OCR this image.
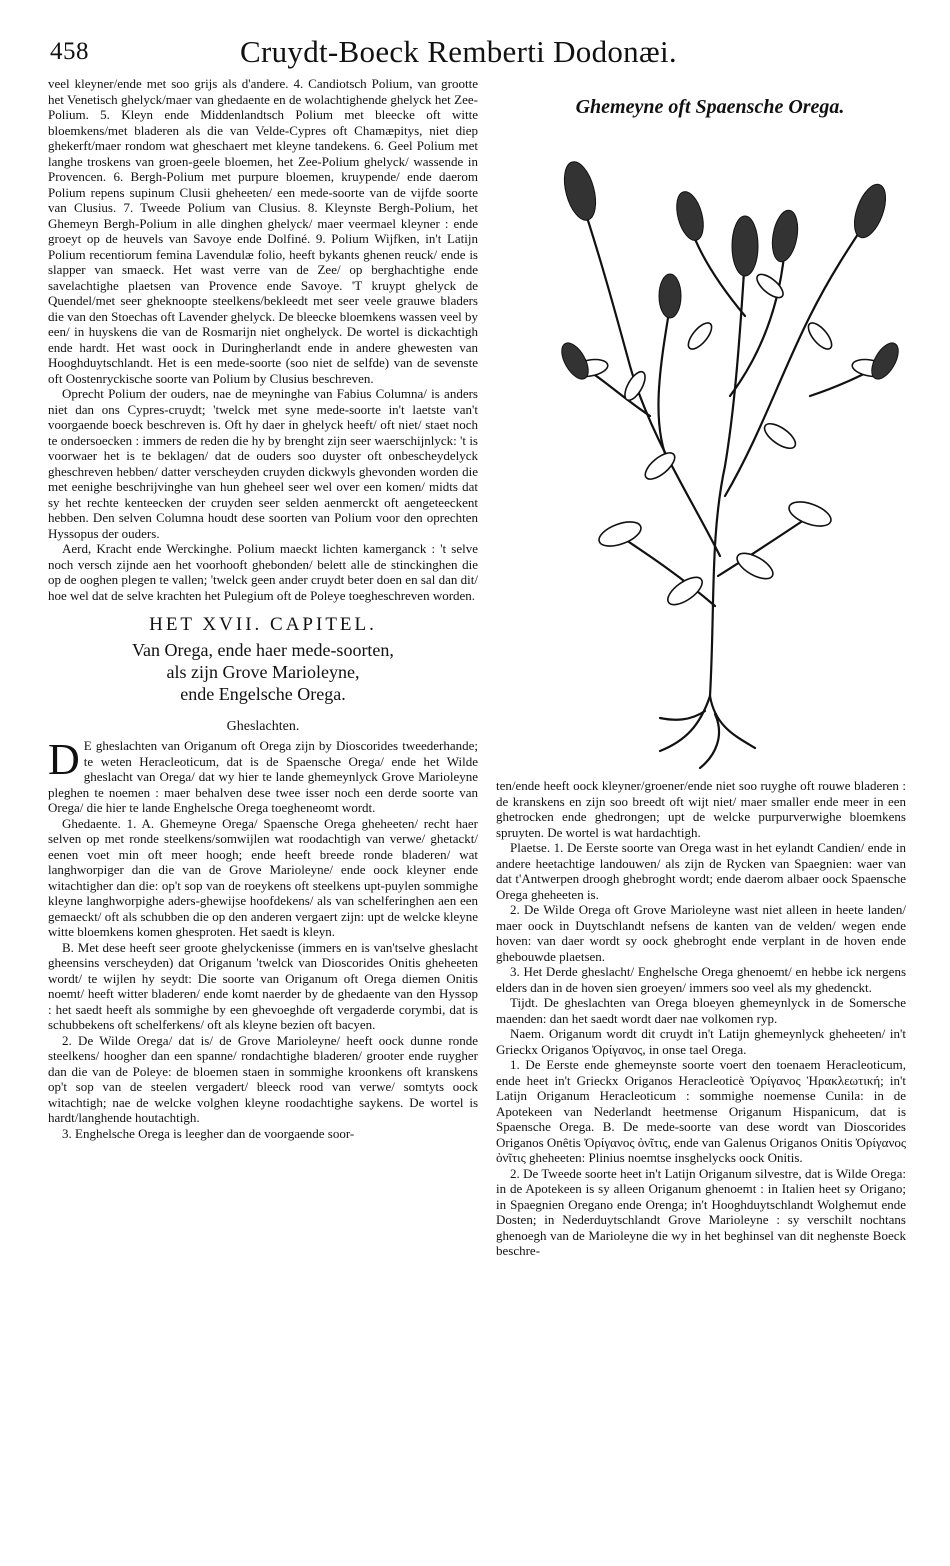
458	Cruydt-Boeck Remberti Dodonæi.

veel kleyner/ende met soo grijs als d'andere. 4. Candiotsch Polium, van grootte het Venetisch ghelyck/maer van ghedaente en de wolachtighende ghelyck het Zee-Polium. 5. Kleyn ende Middenlandtsch Polium met bleecke oft witte bloemkens/met bladeren als die van Velde-Cypres oft Chamæpitys, niet diep ghekerft/maer rondom wat gheschaert met kleyne tandekens. 6. Geel Polium met langhe troskens van groen-geele bloemen, het Zee-Polium ghelyck/ wassende in Provencen. 6. Bergh-Polium met purpure bloemen, kruypende/ ende daerom Polium repens supinum Clusii gheheeten/ een mede-soorte van de vijfde soorte van Clusius. 7. Tweede Polium van Clusius. 8. Kleynste Bergh-Polium, het Ghemeyn Bergh-Polium in alle dinghen ghelyck/ maer veermael kleyner : ende groeyt op de heuvels van Savoye ende Dolfiné. 9. Polium Wijfken, in't Latijn Polium recentiorum femina Lavendulæ folio, heeft bykants ghenen reuck/ ende is slapper van smaeck. Het wast verre van de Zee/ op berghachtighe ende savelachtighe plaetsen van Provence ende Savoye. 'T kruypt ghelyck de Quendel/met seer gheknoopte steelkens/bekleedt met seer veele grauwe bladers die van den Stoechas oft Lavender ghelyck. De bleecke bloemkens wassen veel by een/ in huyskens die van de Rosmarijn niet onghelyck. De wortel is dickachtigh ende hardt. Het wast oock in Duringherlandt ende in andere ghewesten van Hooghduytschlandt. Het is een mede-soorte (soo niet de selfde) van de sevenste oft Oostenryckische soorte van Polium by Clusius beschreven.

Oprecht Polium der ouders, nae de meyninghe van Fabius Columna/ is anders niet dan ons Cypres-cruydt; 'twelck met syne mede-soorte in't laetste van't voorgaende boeck beschreven is. Oft hy daer in ghelyck heeft/ oft niet/ staet noch te ondersoecken : immers de reden die hy by brenght zijn seer waerschijnlyck: 't is voorwaer het is te beklagen/ dat de ouders soo duyster oft onbescheydelyck gheschreven hebben/ datter verscheyden cruyden dickwyls ghevonden worden die met eenighe beschrijvinghe van hun gheheel seer wel over een komen/ midts dat sy het rechte kenteecken der cruyden seer selden aenmerckt oft aengeteeckent hebben. Den selven Columna houdt dese soorten van Polium voor den oprechten Hyssopus der ouders.

Aerd, Kracht ende Werckinghe. Polium maeckt lichten kamerganck : 't selve noch versch zijnde aen het voorhooft ghebonden/ belett alle de stinckinghen die op de ooghen plegen te vallen; 'twelck geen ander cruydt beter doen en sal dan dit/ hoe wel dat de selve krachten het Pulegium oft de Poleye toegheschreven worden.

HET XVII. CAPITEL.

Van Orega, ende haer mede-soorten,

als zijn Grove Marioleyne,

ende Engelsche Orega.

Gheslachten.

D E gheslachten van Origanum oft Orega zijn by Dioscorides tweederhande; te weten Heracleoticum, dat is de Spaensche Orega/ ende het Wilde gheslacht van Orega/ dat wy hier te lande ghemeynlyck Grove Marioleyne pleghen te noemen : maer behalven dese twee isser noch een derde soorte van Orega/ die hier te lande Enghelsche Orega toegheneomt wordt.

Ghedaente. 1. A. Ghemeyne Orega/ Spaensche Orega gheheeten/ recht haer selven op met ronde steelkens/somwijlen wat roodachtigh van verwe/ ghetackt/ eenen voet min oft meer hoogh; ende heeft breede ronde bladeren/ wat langhworpiger dan die van de Grove Marioleyne/ ende oock kleyner ende witachtigher dan die: op't sop van de roeykens oft steelkens upt-puylen sommighe kleyne langhworpighe aders-ghewijse hoofdekens/ als van schelferinghen aen een gemaeckt/ oft als schubben die op den anderen vergaert zijn: upt de welcke kleyne witte bloemkens komen ghesproten. Het saedt is kleyn.

B. Met dese heeft seer groote ghelyckenisse (immers en is van'tselve gheslacht gheensins verscheyden) dat Origanum 'twelck van Dioscorides Onitis gheheeten wordt/ te wijlen hy seydt: Die soorte van Origanum oft Orega diemen Onitis noemt/ heeft witter bladeren/ ende komt naerder by de ghedaente van den Hyssop : het saedt heeft als sommighe by een ghevoeghde oft vergaderde corymbi, dat is schubbekens oft schelferkens/ oft als kleyne bezien oft bacyen.

2. De Wilde Orega/ dat is/ de Grove Marioleyne/ heeft oock dunne ronde steelkens/ hoogher dan een spanne/ rondachtighe bladeren/ grooter ende ruygher dan die van de Poleye: de bloemen staen in sommighe kroonkens oft kranskens op't sop van de steelen vergadert/ bleeck rood van verwe/ somtyts oock witachtigh; nae de welcke volghen kleyne roodachtighe saykens. De wortel is hardt/langhende houtachtigh.

3. Enghelsche Orega is leegher dan de voorgaende soor-

Ghemeyne oft Spaensche Orega.

ten/ende heeft oock kleyner/groener/ende niet soo ruyghe oft rouwe bladeren : de kranskens en zijn soo breedt oft wijt niet/ maer smaller ende meer in een ghetrocken ende ghedrongen; upt de welcke purpurverwighe bloemkens spruyten. De wortel is wat hardachtigh.

Plaetse. 1. De Eerste soorte van Orega wast in het eylandt Candien/ ende in andere heetachtige landouwen/ als zijn de Rycken van Spaegnien: waer van dat t'Antwerpen droogh ghebroght wordt; ende daerom albaer oock Spaensche Orega gheheeten is.

2. De Wilde Orega oft Grove Marioleyne wast niet alleen in heete landen/ maer oock in Duytschlandt nefsens de kanten van de velden/ wegen ende hoven: van daer wordt sy oock ghebroght ende verplant in de hoven ende ghebouwde plaetsen.

3. Het Derde gheslacht/ Enghelsche Orega ghenoemt/ en hebbe ick nergens elders dan in de hoven sien groeyen/ immers soo veel als my ghedenckt.

Tijdt. De gheslachten van Orega bloeyen ghemeynlyck in de Somersche maenden: dan het saedt wordt daer nae volkomen ryp.

Naem. Origanum wordt dit cruydt in't Latijn ghemeynlyck gheheeten/ in't Grieckx Origanos Ὀρίγανος, in onse tael Orega.

1. De Eerste ende ghemeynste soorte voert den toenaem Heracleoticum, ende heet in't Grieckx Origanos Heracleoticè Ὀρίγανος Ἡρακλεωτική; in't Latijn Origanum Heracleoticum : sommighe noemense Cunila: in de Apotekeen van Nederlandt heetmense Origanum Hispanicum, dat is Spaensche Orega. B. De mede-soorte van dese wordt van Dioscorides Origanos Onêtis Ὀρίγανος ὀνῖτις, ende van Galenus Origanos Onitis Ὀρίγανος ὀνῖτις gheheeten: Plinius noemtse insghelycks oock Onitis.

2. De Tweede soorte heet in't Latijn Origanum silvestre, dat is Wilde Orega: in de Apotekeen is sy alleen Origanum ghenoemt : in Italien heet sy Origano; in Spaegnien Oregano ende Orenga; in't Hooghduytschlandt Wolghemut ende Dosten; in Nederduytschlandt Grove Marioleyne : sy verschilt nochtans ghenoegh van de Marioleyne die wy in het beghinsel van dit neghenste Boeck beschre-
